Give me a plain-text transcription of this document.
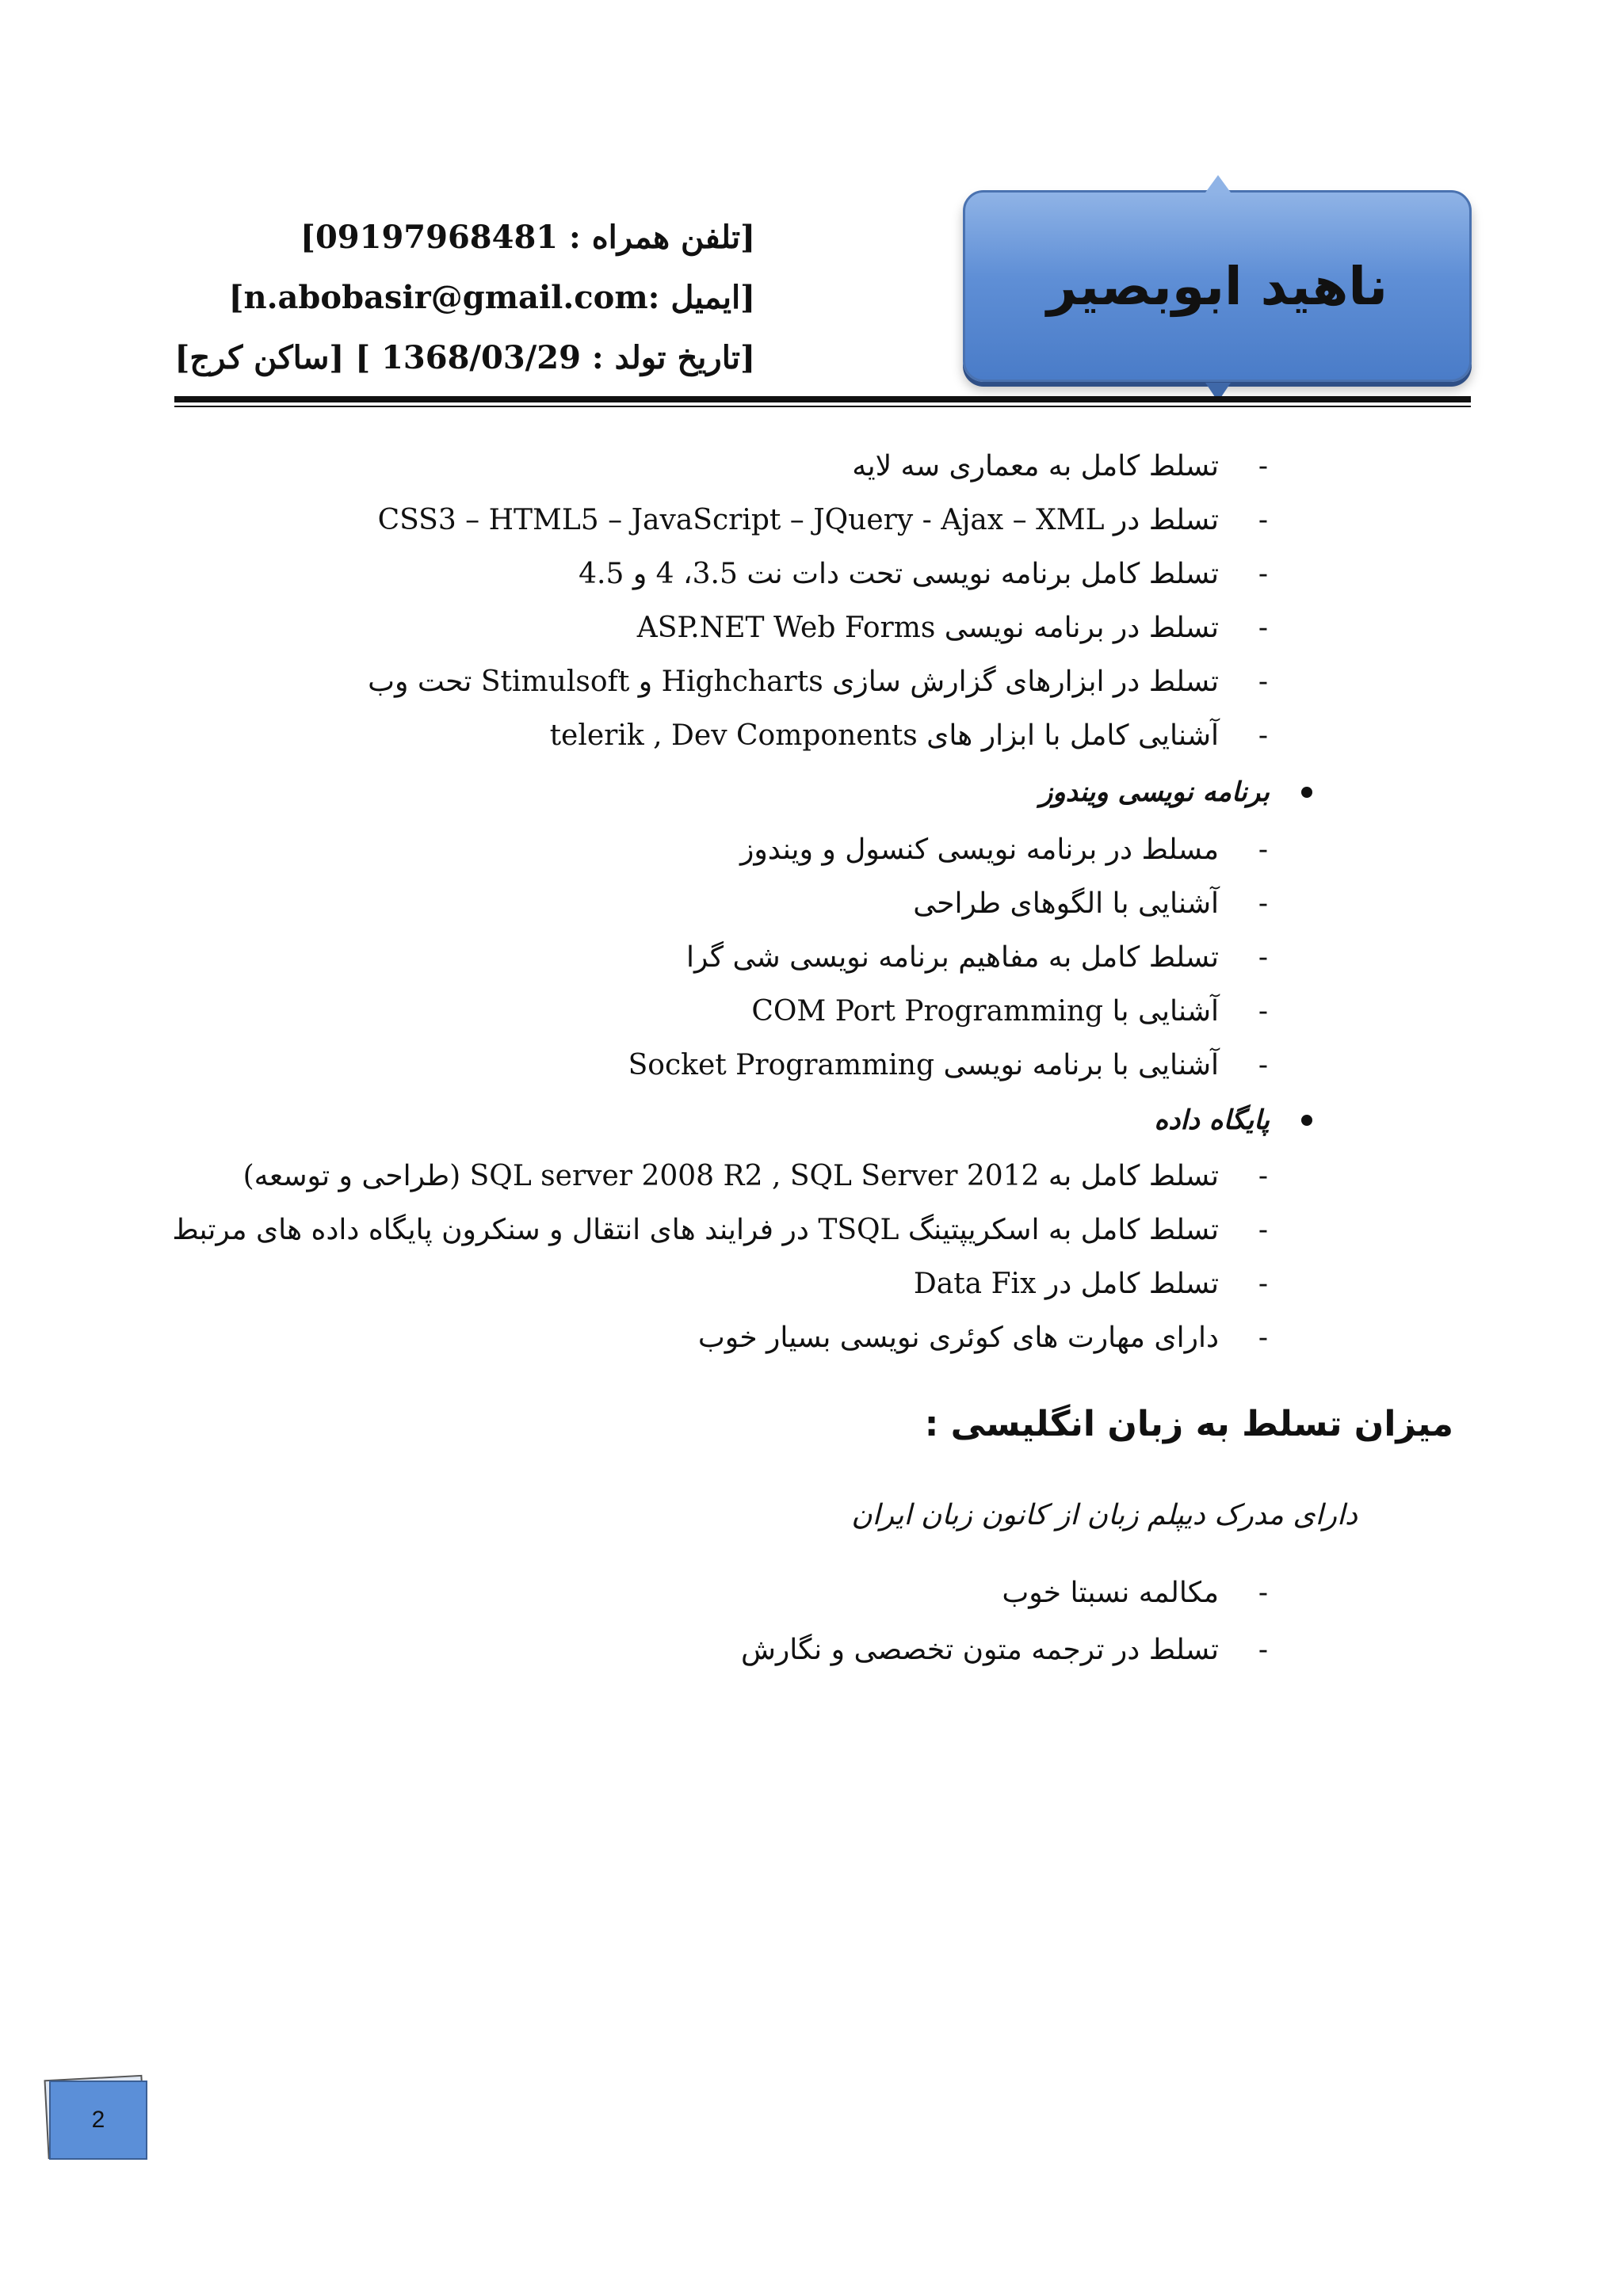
ناهید ابوبصیر
[تلفن همراه : 09197968481]
[ایمیل :n.abobasir@gmail.com]
[تاریخ تولد : 1368/03/29 ] [ساکن کرج]
-
تسلط کامل به معماری سه لایه
-
تسلط در CSS3 – HTML5 – JavaScript – JQuery - Ajax – XML
-
تسلط کامل برنامه نویسی تحت دات نت 3.5، 4 و 4.5
-
تسلط در برنامه نویسی ASP.NET Web Forms
-
تسلط در ابزارهای گزارش سازی Highcharts و Stimulsoft تحت وب
-
آشنایی کامل با ابزار های telerik , Dev Components
برنامه نویسی ویندوز
-
مسلط در برنامه نویسی کنسول و ویندوز
-
آشنایی با الگوهای طراحی
-
تسلط کامل به مفاهیم برنامه نویسی شی گرا
-
آشنایی با COM Port Programming
-
آشنایی با برنامه نویسی Socket Programming
پایگاه داده
-
تسلط کامل به SQL server 2008 R2 , SQL Server 2012 (طراحی و توسعه)
-
تسلط کامل به اسکریپتینگ TSQL در فرایند های انتقال و سنکرون پایگاه داده های مرتبط
-
تسلط کامل در Data Fix
-
دارای مهارت های کوئری نویسی بسیار خوب
میزان تسلط به زبان انگلیسی :
دارای مدرک دیپلم زبان از کانون زبان ایران
-
مکالمه نسبتا خوب
-
تسلط در ترجمه متون تخصصی و نگارش
2
